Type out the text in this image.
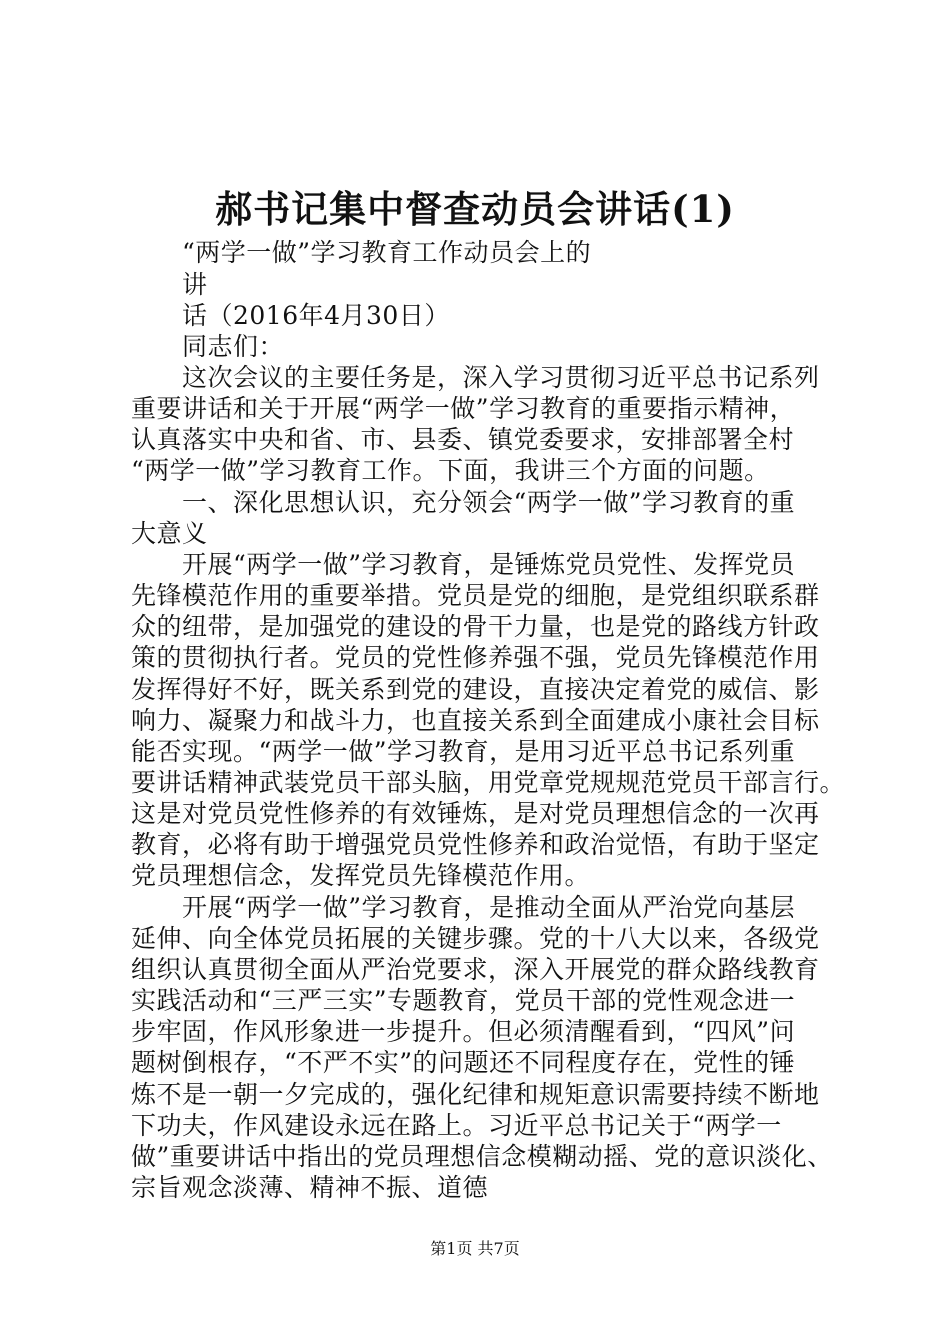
郝书记集中督查动员会讲话(1)
“两学一做”学习教育工作动员会上的
讲
话（2016年4月30日）
同志们：
这次会议的主要任务是，深入学习贯彻习近平总书记系列
重要讲话和关于开展“两学一做”学习教育的重要指示精神，
认真落实中央和省、市、县委、镇党委要求，安排部署全村
“两学一做”学习教育工作。下面，我讲三个方面的问题。
一、深化思想认识，充分领会“两学一做”学习教育的重
大意义
开展“两学一做”学习教育，是锤炼党员党性、发挥党员
先锋模范作用的重要举措。党员是党的细胞，是党组织联系群
众的纽带，是加强党的建设的骨干力量，也是党的路线方针政
策的贯彻执行者。党员的党性修养强不强，党员先锋模范作用
发挥得好不好，既关系到党的建设，直接决定着党的威信、影
响力、凝聚力和战斗力，也直接关系到全面建成小康社会目标
能否实现。“两学一做”学习教育，是用习近平总书记系列重
要讲话精神武装党员干部头脑，用党章党规规范党员干部言行。
这是对党员党性修养的有效锤炼，是对党员理想信念的一次再
教育，必将有助于增强党员党性修养和政治觉悟，有助于坚定
党员理想信念，发挥党员先锋模范作用。
开展“两学一做”学习教育，是推动全面从严治党向基层
延伸、向全体党员拓展的关键步骤。党的十八大以来，各级党
组织认真贯彻全面从严治党要求，深入开展党的群众路线教育
实践活动和“三严三实”专题教育，党员干部的党性观念进一
步牢固，作风形象进一步提升。但必须清醒看到，“四风”问
题树倒根存，“不严不实”的问题还不同程度存在，党性的锤
炼不是一朝一夕完成的，强化纪律和规矩意识需要持续不断地
下功夫，作风建设永远在路上。习近平总书记关于“两学一
做”重要讲话中指出的党员理想信念模糊动摇、党的意识淡化、
宗旨观念淡薄、精神不振、道德
第1页 共7页
